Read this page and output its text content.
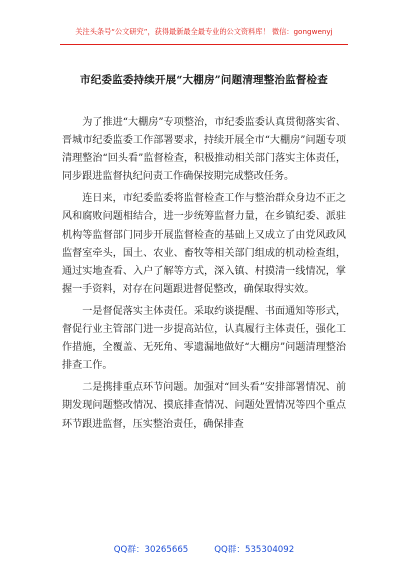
关注头条号“公文研究”，获得最新最全最专业的公文资料库！ 微信：gongwenyj
市纪委监委持续开展“大棚房”问题清理整治监督检查

为了推进“大棚房”专项整治，市纪委监委认真贯彻落实省、晋城市纪委监委工作部署要求，持续开展全市“大棚房”问题专项清理整治“回头看”监督检查，积极推动相关部门落实主体责任，同步跟进监督执纪问责工作确保按期完成整改任务。

连日来，市纪委监委将监督检查工作与整治群众身边不正之风和腐败问题相结合，进一步统筹监督力量，在乡镇纪委、派驻机构等监督部门同步开展监督检查的基础上又成立了由党风政风监督室牵头，国土、农业、畜牧等相关部门组成的机动检查组，通过实地查看、入户了解等方式，深入镇、村摸清一线情况，掌握一手资料，对存在问题跟进督促整改，确保取得实效。

一是督促落实主体责任。采取约谈提醒、书面通知等形式，督促行业主管部门进一步提高站位，认真履行主体责任，强化工作措施，全覆盖、无死角、零遗漏地做好“大棚房”问题清理整治排查工作。

二是携排重点环节问题。加强对“回头看”安排部署情况、前期发现问题整改情况、摸底排查情况、问题处置情况等四个重点环节跟进监督，压实整治责任，确保排查

QQ群：30265665	QQ群：535304092
